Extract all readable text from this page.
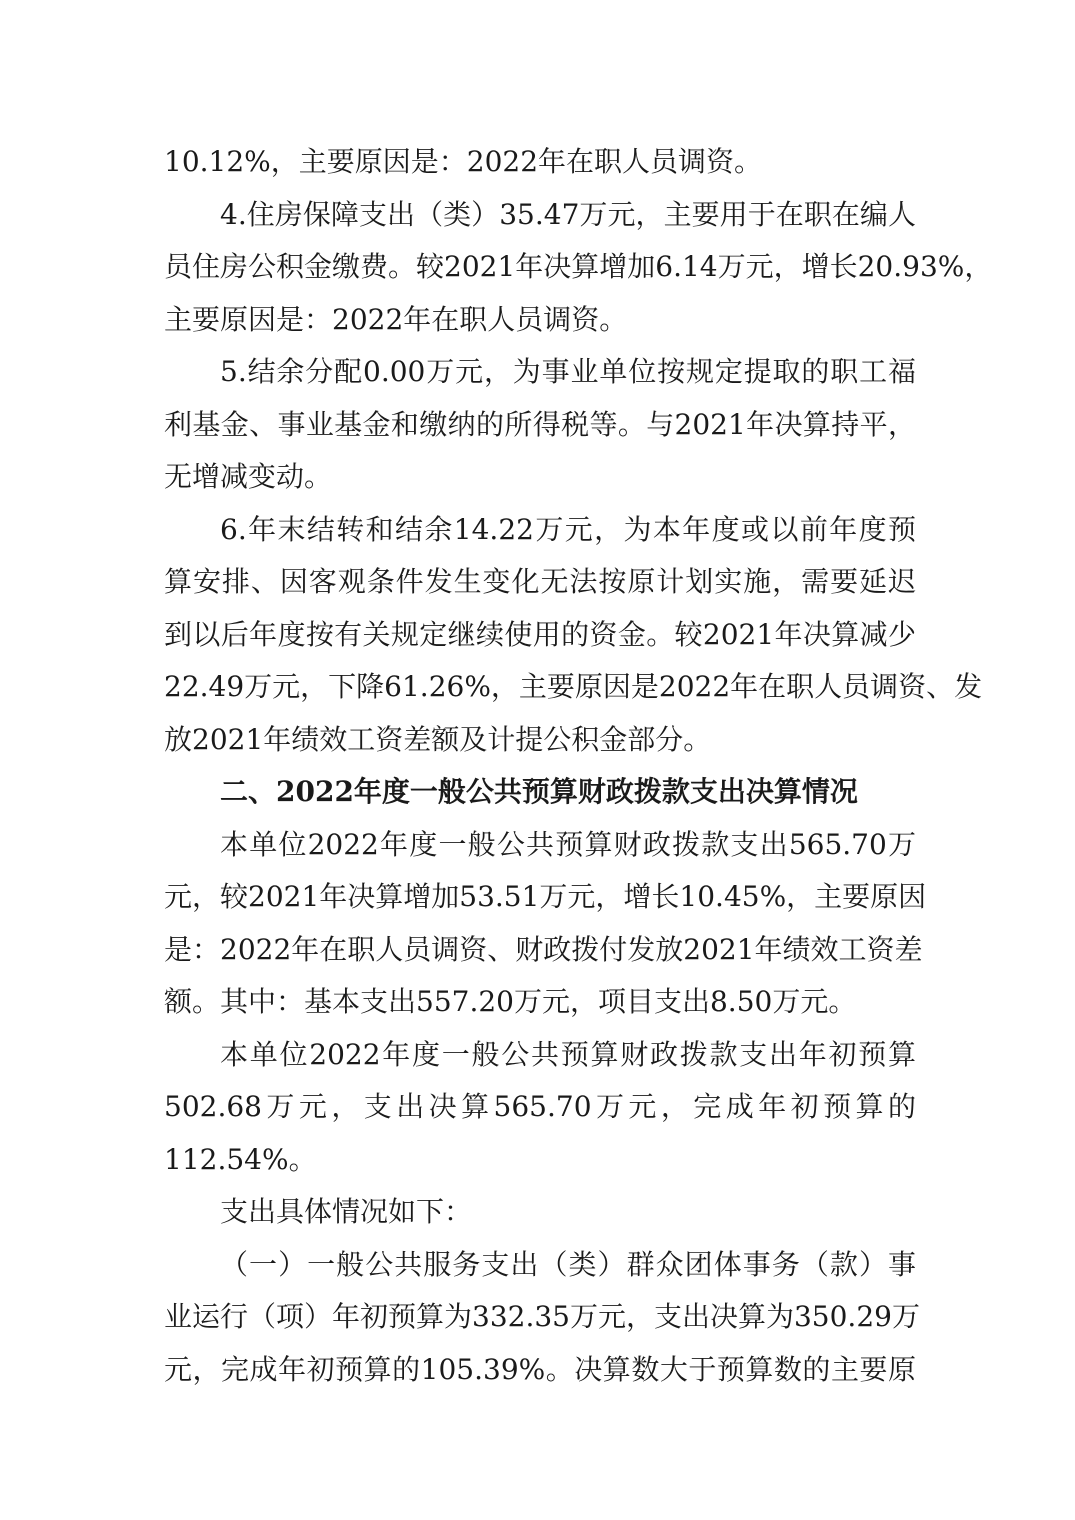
10.12%，主要原因是：2022年在职人员调资。
4.住房保障支出（类）35.47万元，主要用于在职在编人
员住房公积金缴费。较2021年决算增加6.14万元，增长20.93%，
主要原因是：2022年在职人员调资。
5.结余分配0.00万元，为事业单位按规定提取的职工福
利基金、事业基金和缴纳的所得税等。与2021年决算持平，
无增减变动。
6.年末结转和结余14.22万元，为本年度或以前年度预
算安排、因客观条件发生变化无法按原计划实施，需要延迟
到以后年度按有关规定继续使用的资金。较2021年决算减少
22.49万元，下降61.26%，主要原因是2022年在职人员调资、发
放2021年绩效工资差额及计提公积金部分。
二、2022年度一般公共预算财政拨款支出决算情况
本单位2022年度一般公共预算财政拨款支出565.70万
元，较2021年决算增加53.51万元，增长10.45%，主要原因
是：2022年在职人员调资、财政拨付发放2021年绩效工资差
额。其中：基本支出557.20万元，项目支出8.50万元。
本单位2022年度一般公共预算财政拨款支出年初预算
502.68万元，支出决算565.70万元，完成年初预算的
112.54%。
支出具体情况如下：
（一）一般公共服务支出（类）群众团体事务（款）事
业运行（项）年初预算为332.35万元，支出决算为350.29万
元，完成年初预算的105.39%。决算数大于预算数的主要原
